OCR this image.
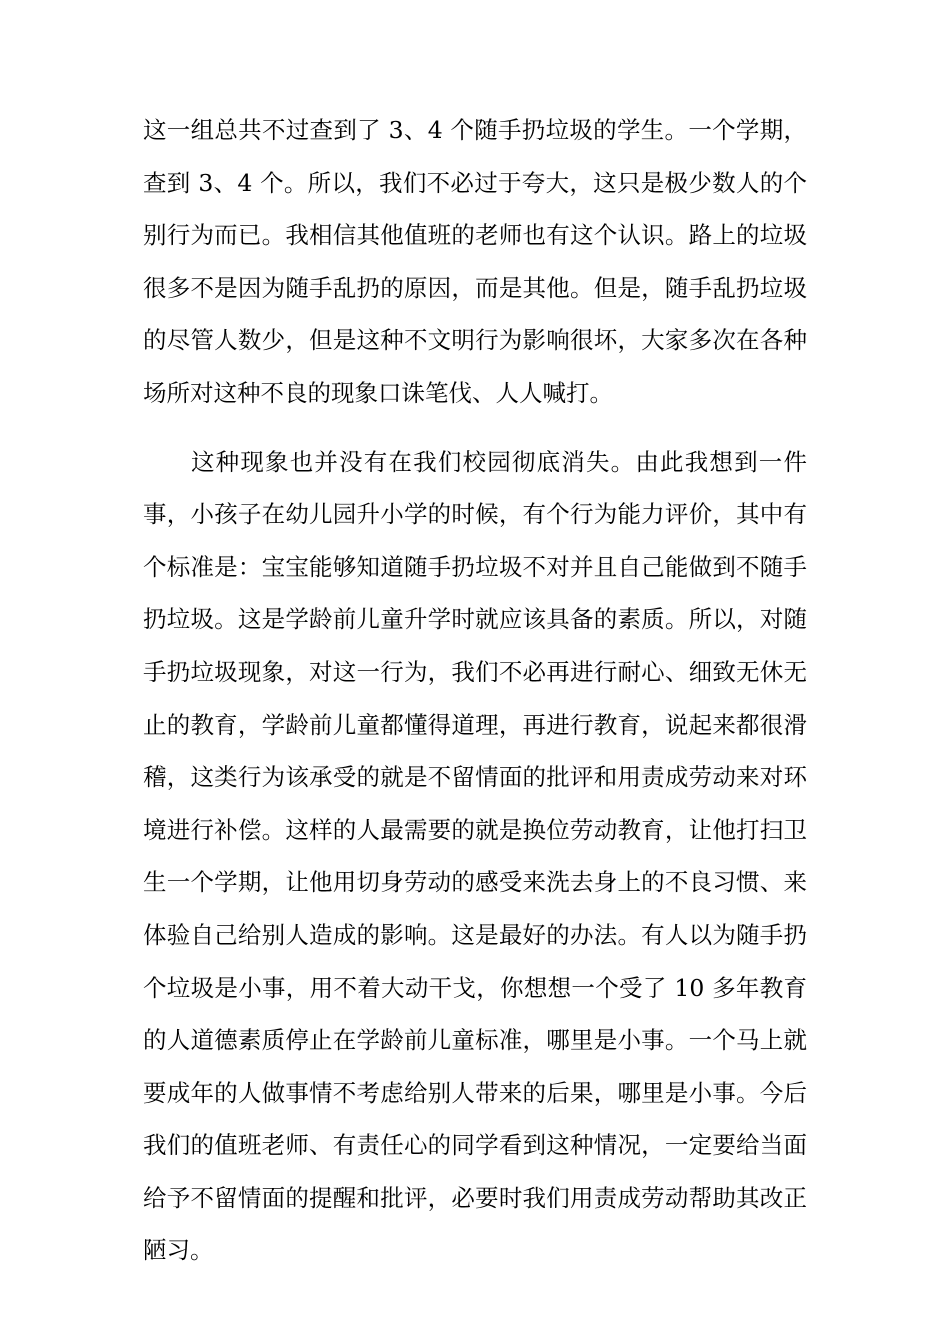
这一组总共不过查到了 3、4 个随手扔垃圾的学生。一个学期，
查到 3、4 个。所以，我们不必过于夸大，这只是极少数人的个
别行为而已。我相信其他值班的老师也有这个认识。路上的垃圾
很多不是因为随手乱扔的原因，而是其他。但是，随手乱扔垃圾
的尽管人数少，但是这种不文明行为影响很坏，大家多次在各种
场所对这种不良的现象口诛笔伐、人人喊打。
这种现象也并没有在我们校园彻底消失。由此我想到一件
事，小孩子在幼儿园升小学的时候，有个行为能力评价，其中有
个标准是：宝宝能够知道随手扔垃圾不对并且自己能做到不随手
扔垃圾。这是学龄前儿童升学时就应该具备的素质。所以，对随
手扔垃圾现象，对这一行为，我们不必再进行耐心、细致无休无
止的教育，学龄前儿童都懂得道理，再进行教育，说起来都很滑
稽，这类行为该承受的就是不留情面的批评和用责成劳动来对环
境进行补偿。这样的人最需要的就是换位劳动教育，让他打扫卫
生一个学期，让他用切身劳动的感受来洗去身上的不良习惯、来
体验自己给别人造成的影响。这是最好的办法。有人以为随手扔
个垃圾是小事，用不着大动干戈，你想想一个受了 10 多年教育
的人道德素质停止在学龄前儿童标准，哪里是小事。一个马上就
要成年的人做事情不考虑给别人带来的后果，哪里是小事。今后
我们的值班老师、有责任心的同学看到这种情况，一定要给当面
给予不留情面的提醒和批评，必要时我们用责成劳动帮助其改正
陋习。
